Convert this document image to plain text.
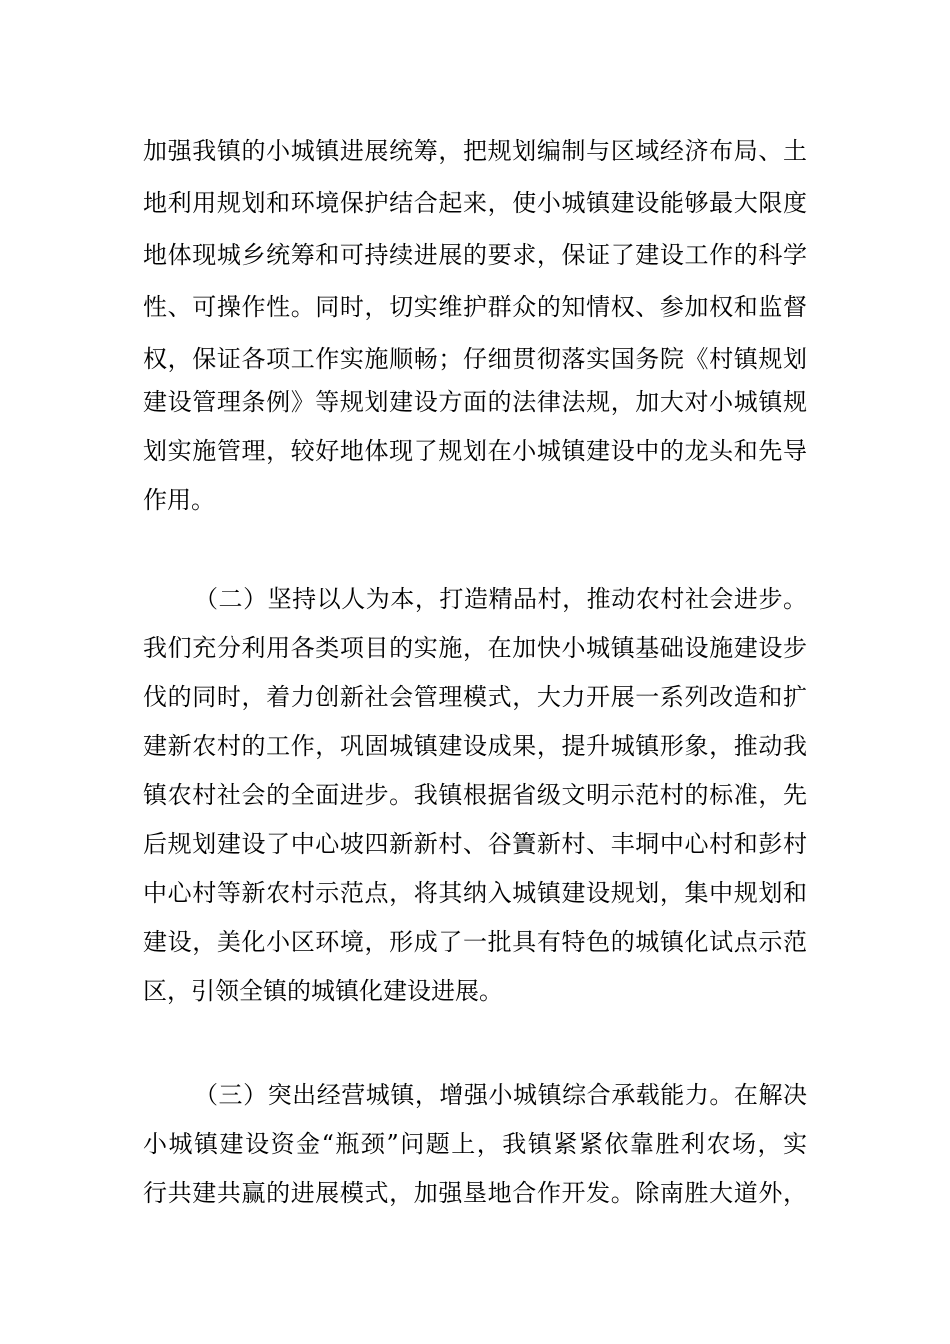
加强我镇的小城镇进展统筹，把规划编制与区域经济布局、土
地利用规划和环境保护结合起来，使小城镇建设能够最大限度
地体现城乡统筹和可持续进展的要求，保证了建设工作的科学
性、可操作性。同时，切实维护群众的知情权、参加权和监督
权，保证各项工作实施顺畅；仔细贯彻落实国务院《村镇规划
建设管理条例》等规划建设方面的法律法规，加大对小城镇规
划实施管理，较好地体现了规划在小城镇建设中的龙头和先导
作用。
（二）坚持以人为本，打造精品村，推动农村社会进步。
我们充分利用各类项目的实施，在加快小城镇基础设施建设步
伐的同时，着力创新社会管理模式，大力开展一系列改造和扩
建新农村的工作，巩固城镇建设成果，提升城镇形象，推动我
镇农村社会的全面进步。我镇根据省级文明示范村的标准，先
后规划建设了中心坡四新新村、谷簀新村、丰垌中心村和彭村
中心村等新农村示范点，将其纳入城镇建设规划，集中规划和
建设，美化小区环境，形成了一批具有特色的城镇化试点示范
区，引领全镇的城镇化建设进展。
（三）突出经营城镇，增强小城镇综合承载能力。在解决
小城镇建设资金“瓶颈”问题上，我镇紧紧依靠胜利农场，实
行共建共赢的进展模式，加强垦地合作开发。除南胜大道外，
